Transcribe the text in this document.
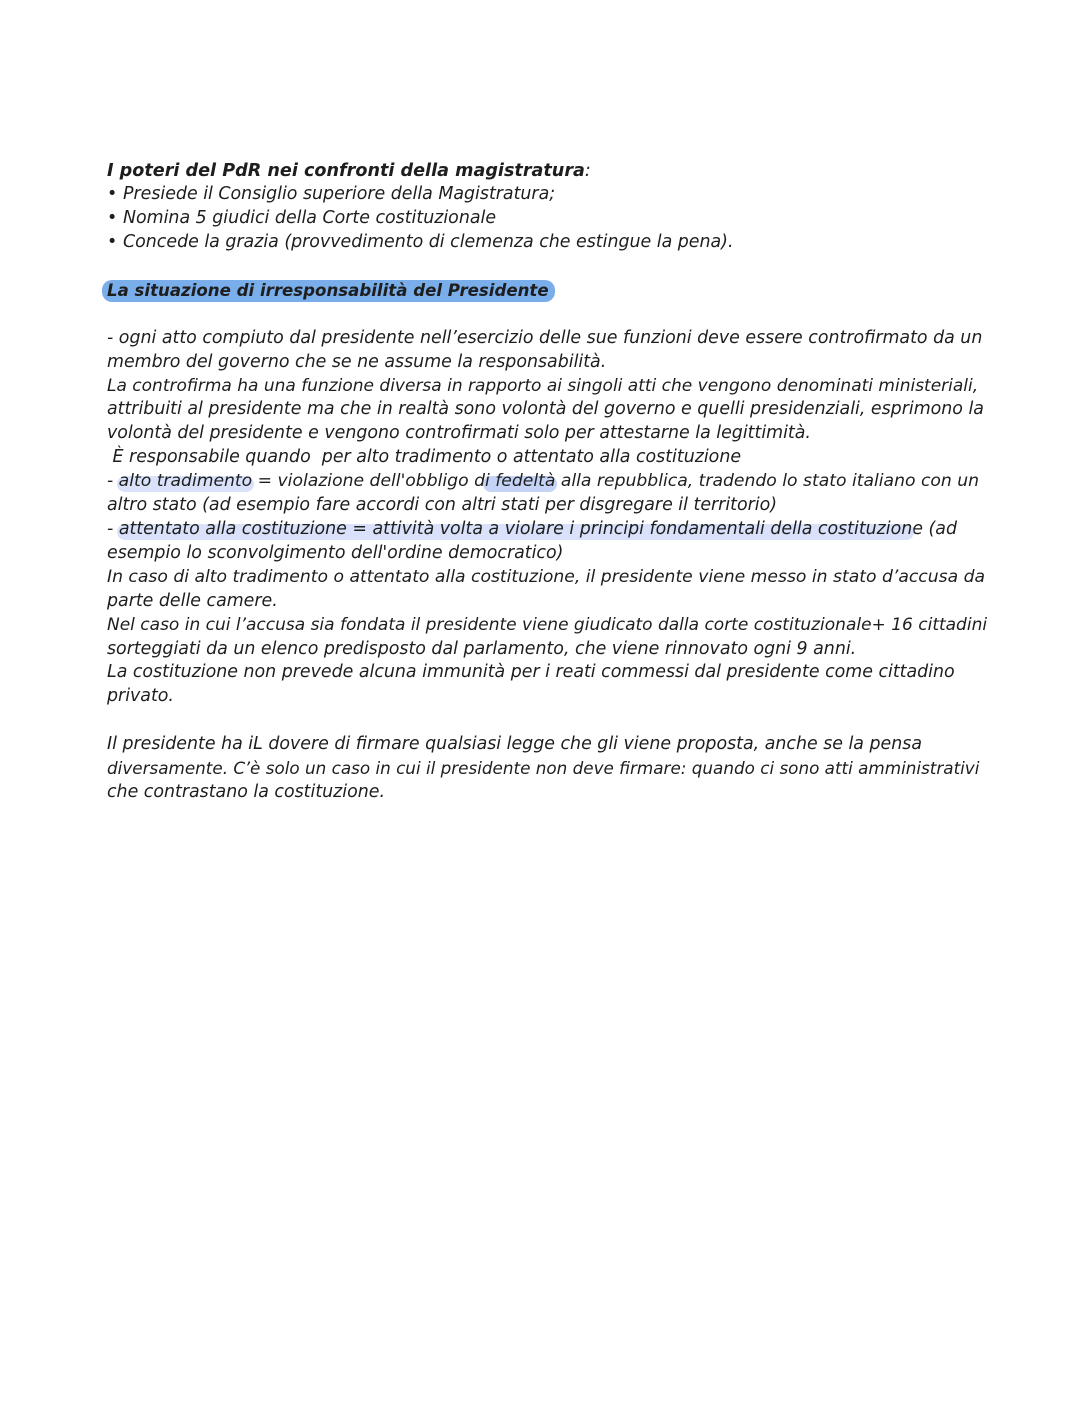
I poteri del PdR nei confronti della magistratura:
• Presiede il Consiglio superiore della Magistratura;
• Nomina 5 giudici della Corte costituzionale
• Concede la grazia (provvedimento di clemenza che estingue la pena).
La situazione di irresponsabilità del Presidente
- ogni atto compiuto dal presidente nell’esercizio delle sue funzioni deve essere controfirmato da un
membro del governo che se ne assume la responsabilità.
La controfirma ha una funzione diversa in rapporto ai singoli atti che vengono denominati ministeriali,
attribuiti al presidente ma che in realtà sono volontà del governo e quelli presidenziali, esprimono la
volontà del presidente e vengono controfirmati solo per attestarne la legittimità.
È responsabile quando  per alto tradimento o attentato alla costituzione
- alto tradimento = violazione dell'obbligo di fedeltà alla repubblica, tradendo lo stato italiano con un
altro stato (ad esempio fare accordi con altri stati per disgregare il territorio)
- attentato alla costituzione = attività volta a violare i principi fondamentali della costituzione (ad
esempio lo sconvolgimento dell'ordine democratico)
In caso di alto tradimento o attentato alla costituzione, il presidente viene messo in stato d’accusa da
parte delle camere.
Nel caso in cui l’accusa sia fondata il presidente viene giudicato dalla corte costituzionale+ 16 cittadini
sorteggiati da un elenco predisposto dal parlamento, che viene rinnovato ogni 9 anni.
La costituzione non prevede alcuna immunità per i reati commessi dal presidente come cittadino
privato.
Il presidente ha iL dovere di firmare qualsiasi legge che gli viene proposta, anche se la pensa
diversamente. C’è solo un caso in cui il presidente non deve firmare: quando ci sono atti amministrativi
che contrastano la costituzione.
